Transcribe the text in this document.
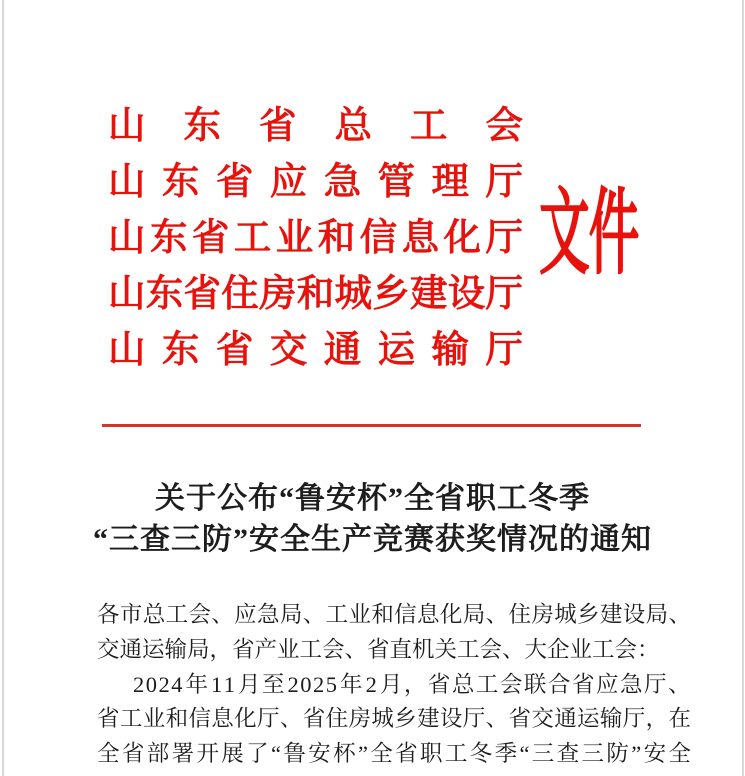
山 东 省 总 工 会
山 东 省 应 急 管 理 厅
山 东 省 工 业 和 信 息 化 厅
山 东 省 住 房 和 城 乡 建 设 厅
山 东 省 交 通 运 输 厅
文件
关于公布“鲁安杯”全省职工冬季
“三查三防”安全生产竞赛获奖情况的通知
各 市 总 工 会 、 应 急 局 、 工 业 和 信 息 化 局 、 住 房 城 乡 建 设 局 、
交通运输局，省产业工会、省直机关工会、大企业工会：
2 0 2 4 年 1 1 月 至 2 0 2 5 年 2 月 ， 省 总 工 会 联 合 省 应 急 厅 、
省 工 业 和 信 息 化 厅 、 省 住 房 城 乡 建 设 厅 、 省 交 通 运 输 厅 ， 在
全 省 部 署 开 展 了 “ 鲁 安 杯 ” 全 省 职 工 冬 季 “ 三 查 三 防 ” 安 全
